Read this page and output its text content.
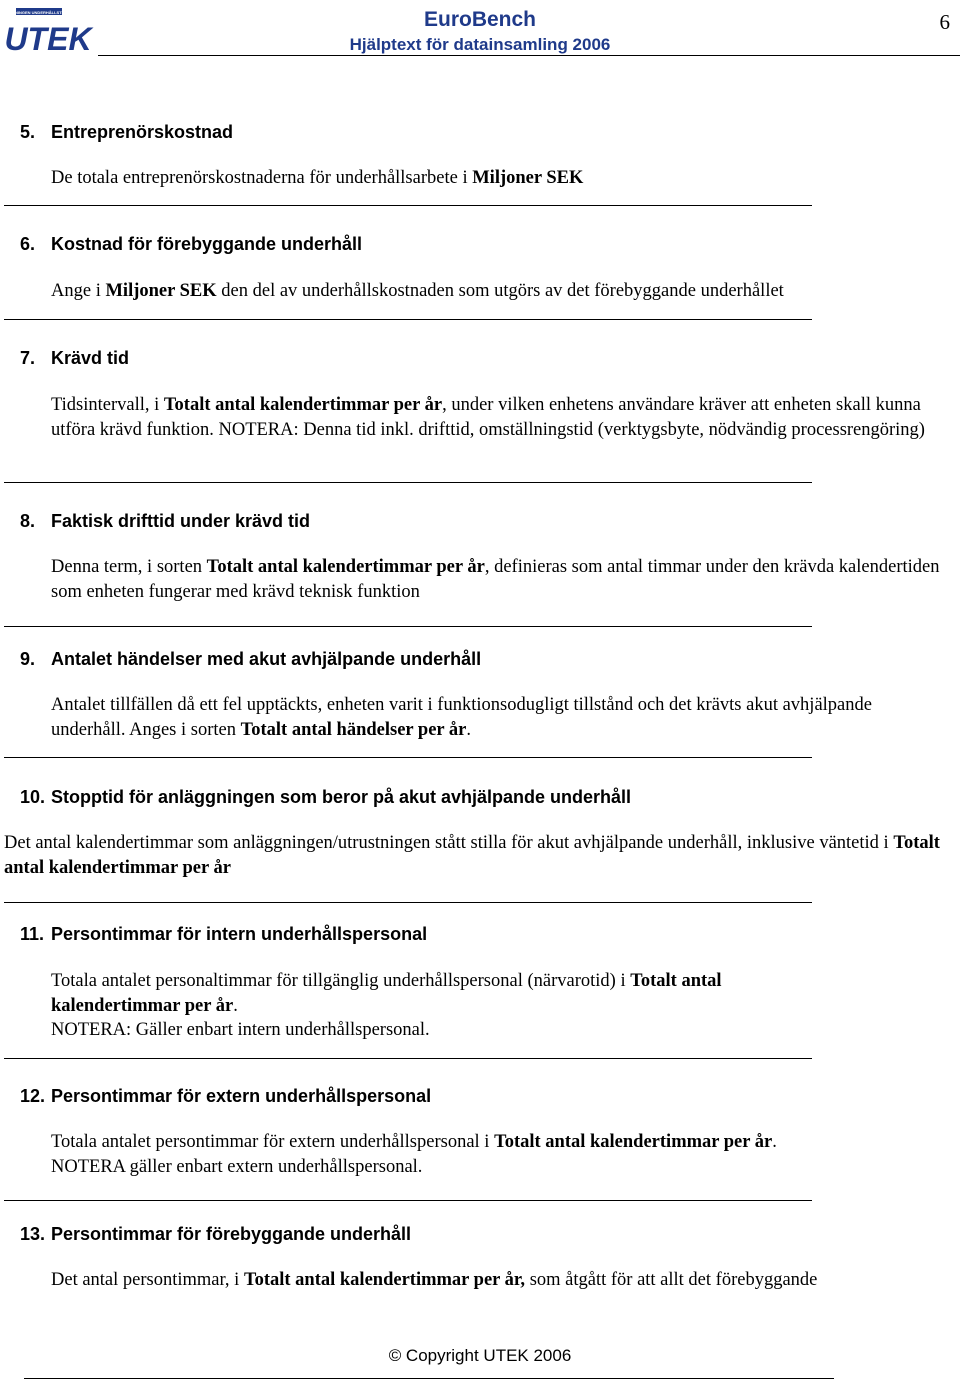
FÖRENINGEN UNDERHÅLLSTEKNIK
UTEK
EuroBench
Hjälptext för datainsamling 2006
6
5. Entreprenörskostnad
De totala entreprenörskostnaderna för underhållsarbete i Miljoner SEK
6. Kostnad för förebyggande underhåll
Ange i Miljoner SEK den del av underhållskostnaden som utgörs av det förebyggande underhållet
7. Krävd tid
Tidsintervall, i Totalt antal kalendertimmar per år, under vilken enhetens användare kräver att enheten skall kunna utföra krävd funktion. NOTERA: Denna tid inkl. drifttid, omställningstid (verktygsbyte, nödvändig processrengöring)
8. Faktisk drifttid under krävd tid
Denna term, i sorten Totalt antal kalendertimmar per år, definieras som antal timmar under den krävda kalendertiden som enheten fungerar med krävd teknisk funktion
9. Antalet händelser med akut avhjälpande underhåll
Antalet tillfällen då ett fel upptäckts, enheten varit i funktionsodugligt tillstånd och det krävts akut avhjälpande underhåll. Anges i sorten Totalt antal händelser per år.
10. Stopptid för anläggningen som beror på akut avhjälpande underhåll
Det antal kalendertimmar som anläggningen/utrustningen stått stilla för akut avhjälpande underhåll, inklusive väntetid i Totalt antal kalendertimmar per år
11. Persontimmar för intern underhållspersonal
Totala antalet personaltimmar för tillgänglig underhållspersonal (närvarotid) i Totalt antal kalendertimmar per år.
NOTERA: Gäller enbart intern underhållspersonal.
12. Persontimmar för extern underhållspersonal
Totala antalet persontimmar för extern underhållspersonal i Totalt antal kalendertimmar per år.
NOTERA gäller enbart extern underhållspersonal.
13. Persontimmar för förebyggande underhåll
Det antal persontimmar, i Totalt antal kalendertimmar per år, som åtgått för att allt det förebyggande
© Copyright UTEK 2006
